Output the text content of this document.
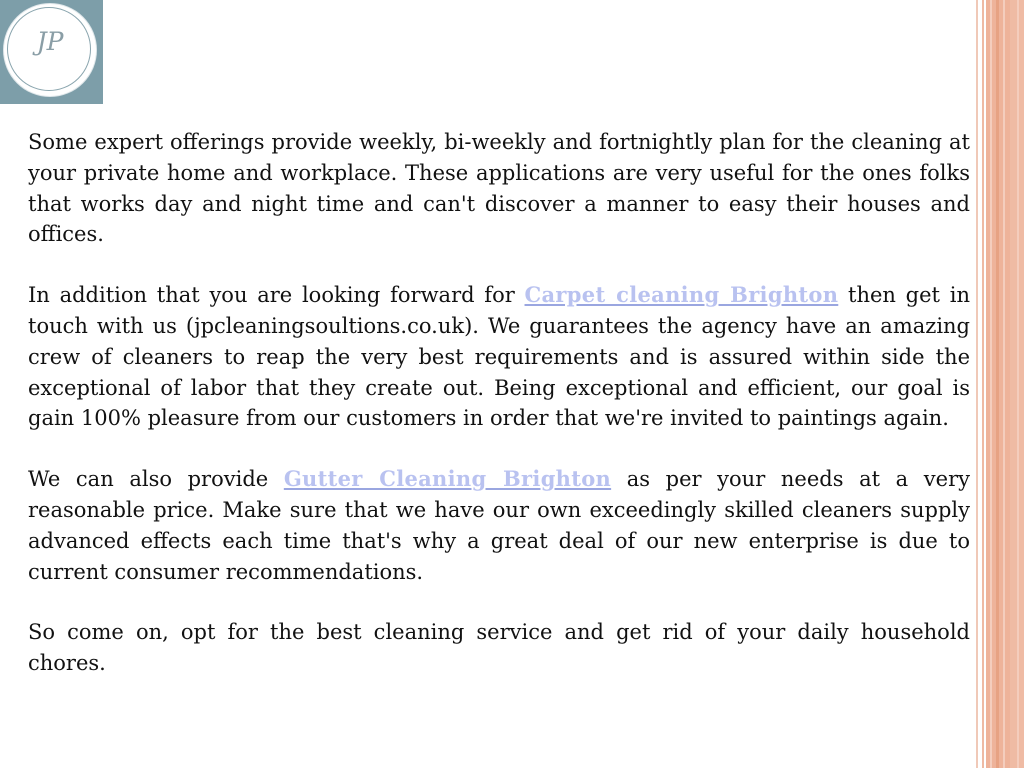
JP

Some expert offerings provide weekly, bi-weekly and fortnightly plan for the cleaning at your private home and workplace. These applications are very useful for the ones folks that works day and night time and can't discover a manner to easy their houses and offices.

In addition that you are looking forward for Carpet cleaning Brighton then get in touch with us (jpcleaningsoultions.co.uk). We guarantees the agency have an amazing crew of cleaners to reap the very best requirements and is assured within side the exceptional of labor that they create out. Being exceptional and efficient, our goal is gain 100% pleasure from our customers in order that we're invited to paintings again.

We can also provide Gutter Cleaning Brighton as per your needs at a very reasonable price. Make sure that we have our own exceedingly skilled cleaners supply advanced effects each time that's why a great deal of our new enterprise is due to current consumer recommendations.

So come on, opt for the best cleaning service and get rid of your daily household chores.
